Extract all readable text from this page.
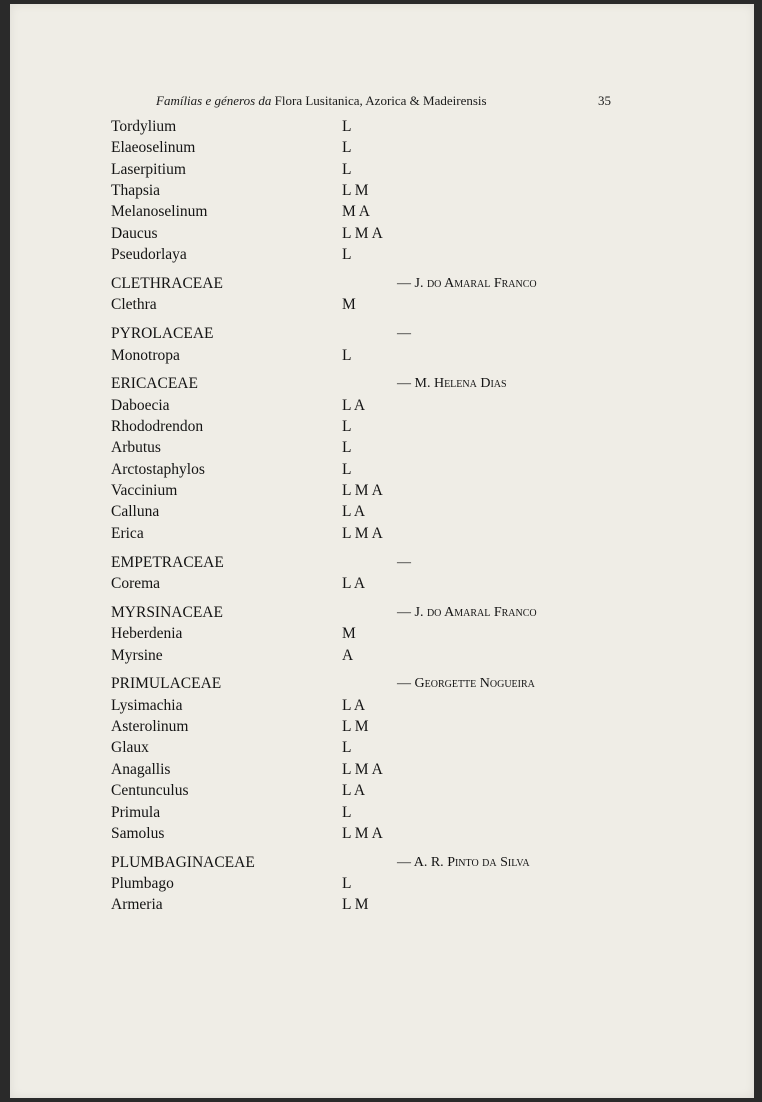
Famílias e géneros da Flora Lusitanica, Azorica & Madeirensis	35
Tordylium	L
Elaeoselinum	L
Laserpitium	L
Thapsia	L M
Melanoselinum	M A
Daucus	L M A
Pseudorlaya	L
CLETHRACEAE	— J. do Amaral Franco
Clethra	M
PYROLACEAE	—
Monotropa	L
ERICACEAE	— M. Helena Dias
Daboecia	L A
Rhododrendon	L
Arbutus	L
Arctostaphylos	L
Vaccinium	L M A
Calluna	L A
Erica	L M A
EMPETRACEAE	—
Corema	L A
MYRSINACEAE	— J. do Amaral Franco
Heberdenia	M
Myrsine	A
PRIMULACEAE	— Georgette Nogueira
Lysimachia	L A
Asterolinum	L M
Glaux	L
Anagallis	L M A
Centunculus	L A
Primula	L
Samolus	L M A
PLUMBAGINACEAE	— A. R. Pinto da Silva
Plumbago	L
Armeria	L M
